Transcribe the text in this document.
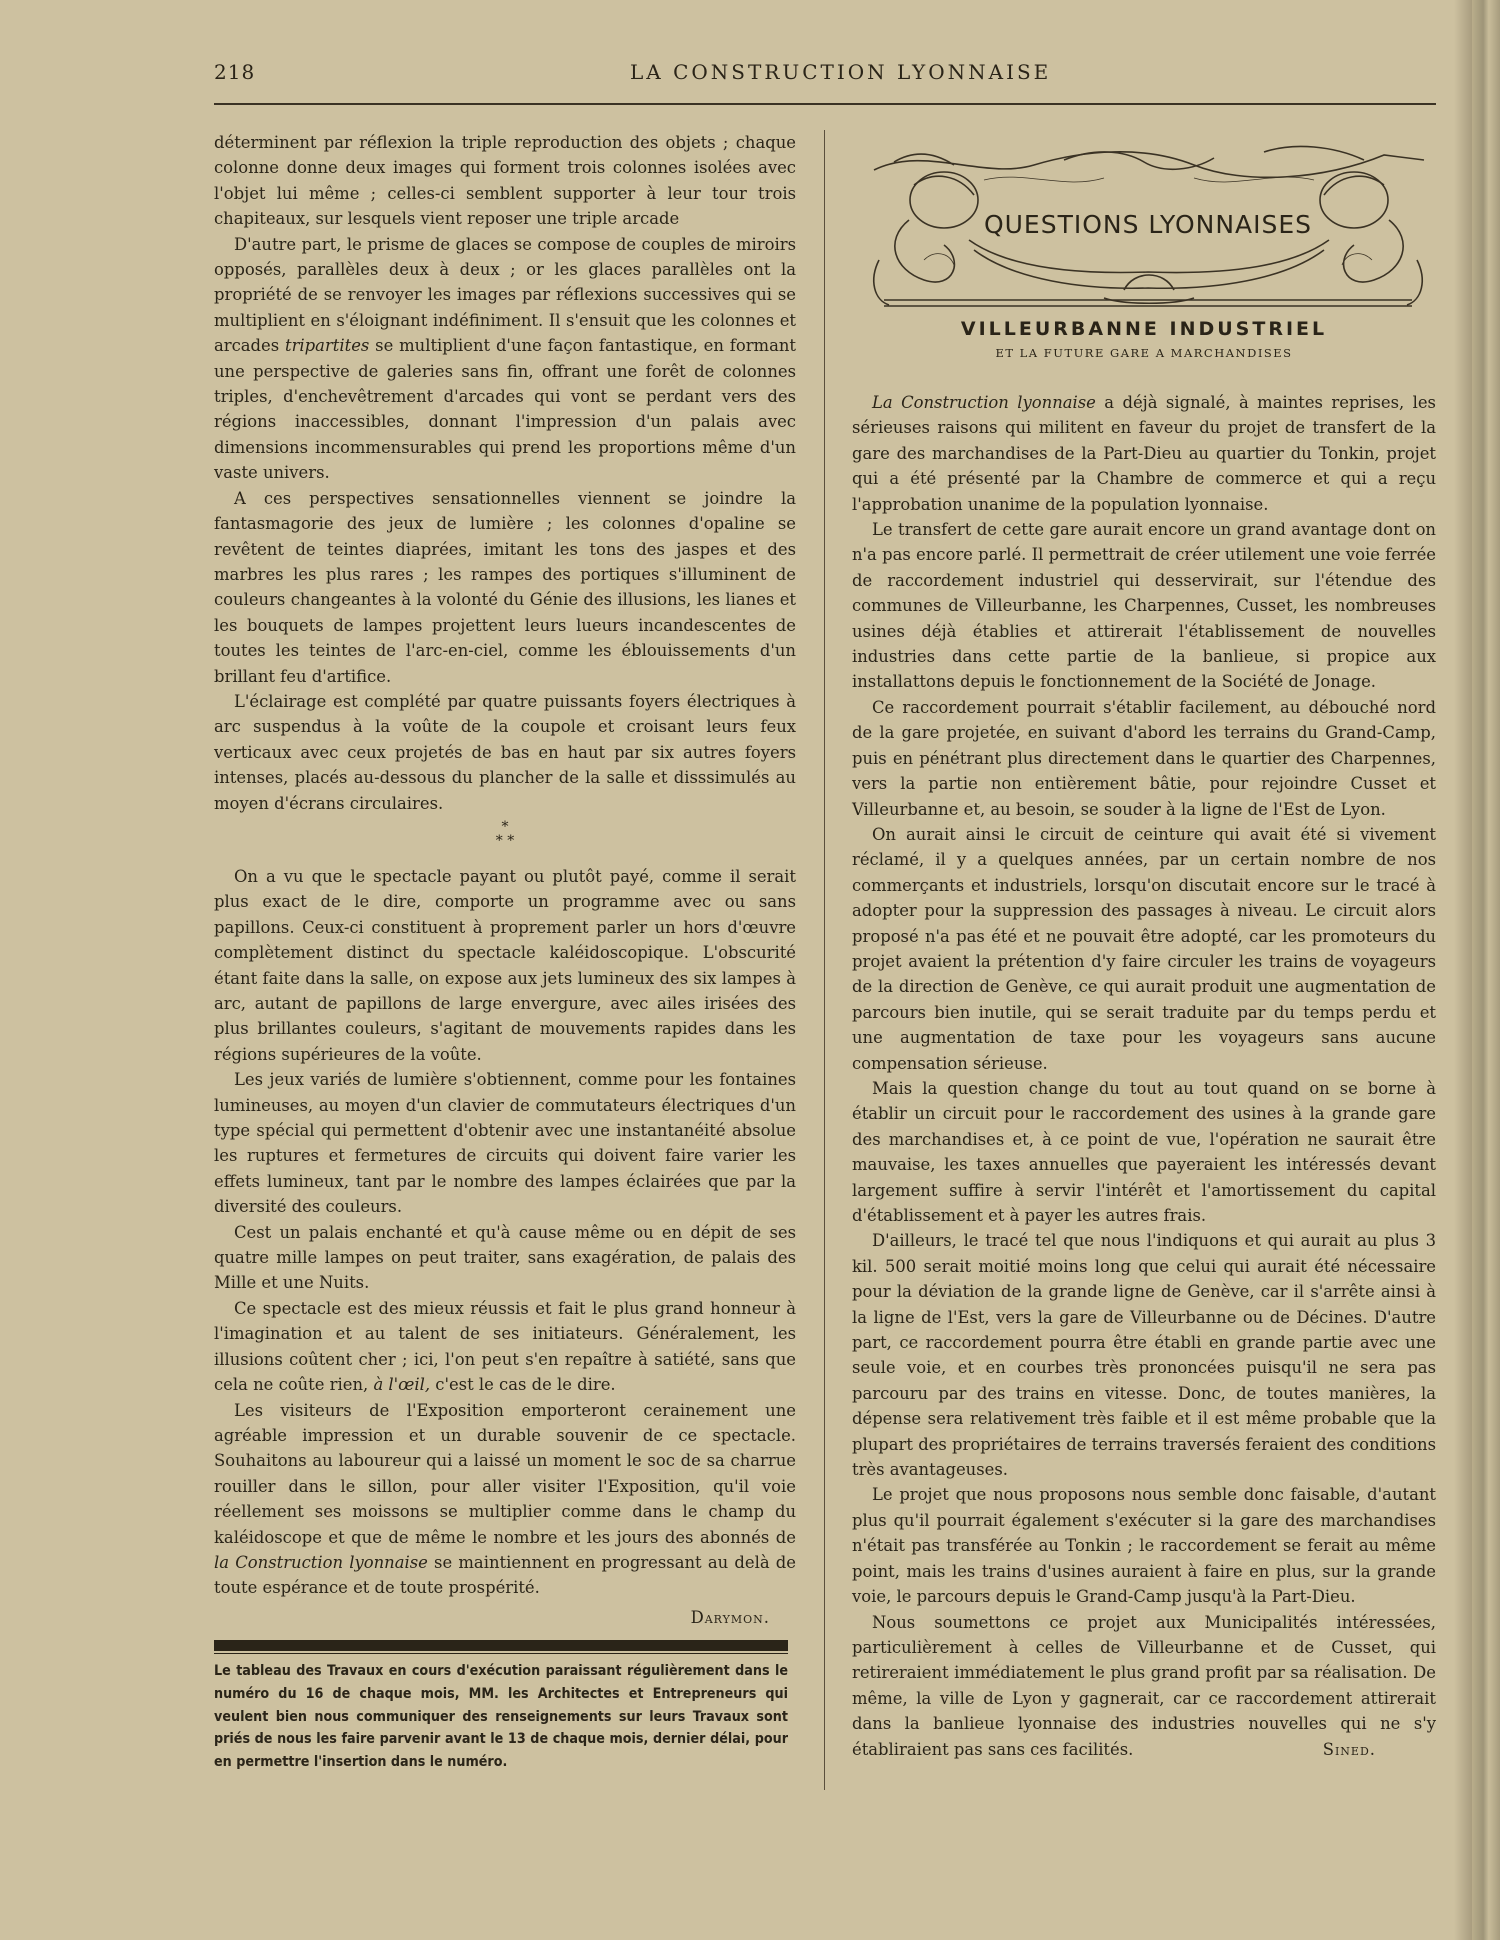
218	LA CONSTRUCTION LYONNAISE

déterminent par réflexion la triple reproduction des objets ; chaque colonne donne deux images qui forment trois colonnes isolées avec l'objet lui même ; celles-ci semblent supporter à leur tour trois chapiteaux, sur lesquels vient reposer une triple arcade

D'autre part, le prisme de glaces se compose de couples de miroirs opposés, parallèles deux à deux ; or les glaces parallèles ont la propriété de se renvoyer les images par réflexions successives qui se multiplient en s'éloignant indéfiniment. Il s'ensuit que les colonnes et arcades tripartites se multiplient d'une façon fantastique, en formant une perspective de galeries sans fin, offrant une forêt de colonnes triples, d'enchevêtrement d'arcades qui vont se perdant vers des régions inaccessibles, donnant l'impression d'un palais avec dimensions incommensurables qui prend les proportions même d'un vaste univers.

A ces perspectives sensationnelles viennent se joindre la fantasmagorie des jeux de lumière ; les colonnes d'opaline se revêtent de teintes diaprées, imitant les tons des jaspes et des marbres les plus rares ; les rampes des portiques s'illuminent de couleurs changeantes à la volonté du Génie des illusions, les lianes et les bouquets de lampes projettent leurs lueurs incandescentes de toutes les teintes de l'arc-en-ciel, comme les éblouissements d'un brillant feu d'artifice.

L'éclairage est complété par quatre puissants foyers électriques à arc suspendus à la voûte de la coupole et croisant leurs feux verticaux avec ceux projetés de bas en haut par six autres foyers intenses, placés au-dessous du plancher de la salle et disssimulés au moyen d'écrans circulaires.

*
* *

On a vu que le spectacle payant ou plutôt payé, comme il serait plus exact de le dire, comporte un programme avec ou sans papillons. Ceux-ci constituent à proprement parler un hors d'œuvre complètement distinct du spectacle kaléidoscopique. L'obscurité étant faite dans la salle, on expose aux jets lumineux des six lampes à arc, autant de papillons de large envergure, avec ailes irisées des plus brillantes couleurs, s'agitant de mouvements rapides dans les régions supérieures de la voûte.

Les jeux variés de lumière s'obtiennent, comme pour les fontaines lumineuses, au moyen d'un clavier de commutateurs électriques d'un type spécial qui permettent d'obtenir avec une instantanéité absolue les ruptures et fermetures de circuits qui doivent faire varier les effets lumineux, tant par le nombre des lampes éclairées que par la diversité des couleurs.

Cest un palais enchanté et qu'à cause même ou en dépit de ses quatre mille lampes on peut traiter, sans exagération, de palais des Mille et une Nuits.

Ce spectacle est des mieux réussis et fait le plus grand honneur à l'imagination et au talent de ses initiateurs. Généralement, les illusions coûtent cher ; ici, l'on peut s'en repaître à satiété, sans que cela ne coûte rien, à l'œil, c'est le cas de le dire.

Les visiteurs de l'Exposition emporteront cerainement une agréable impression et un durable souvenir de ce spectacle. Souhaitons au laboureur qui a laissé un moment le soc de sa charrue rouiller dans le sillon, pour aller visiter l'Exposition, qu'il voie réellement ses moissons se multiplier comme dans le champ du kaléidoscope et que de même le nombre et les jours des abonnés de la Construction lyonnaise se maintiennent en progressant au delà de toute espérance et de toute prospérité.

Darymon.
Le tableau des Travaux en cours d'exécution paraissant régulièrement dans le numéro du 16 de chaque mois, MM. les Architectes et Entrepreneurs qui veulent bien nous communiquer des renseignements sur leurs Travaux sont priés de nous les faire parvenir avant le 13 de chaque mois, dernier délai, pour en permettre l'insertion dans le numéro.
QUESTIONS LYONNAISES
VILLEURBANNE INDUSTRIEL
ET LA FUTURE GARE A MARCHANDISES

La Construction lyonnaise a déjà signalé, à maintes reprises, les sérieuses raisons qui militent en faveur du projet de transfert de la gare des marchandises de la Part-Dieu au quartier du Tonkin, projet qui a été présenté par la Chambre de commerce et qui a reçu l'approbation unanime de la population lyonnaise.

Le transfert de cette gare aurait encore un grand avantage dont on n'a pas encore parlé. Il permettrait de créer utilement une voie ferrée de raccordement industriel qui desservirait, sur l'étendue des communes de Villeurbanne, les Charpennes, Cusset, les nombreuses usines déjà établies et attirerait l'établissement de nouvelles industries dans cette partie de la banlieue, si propice aux installattons depuis le fonctionnement de la Société de Jonage.

Ce raccordement pourrait s'établir facilement, au débouché nord de la gare projetée, en suivant d'abord les terrains du Grand-Camp, puis en pénétrant plus directement dans le quartier des Charpennes, vers la partie non entièrement bâtie, pour rejoindre Cusset et Villeurbanne et, au besoin, se souder à la ligne de l'Est de Lyon.

On aurait ainsi le circuit de ceinture qui avait été si vivement réclamé, il y a quelques années, par un certain nombre de nos commerçants et industriels, lorsqu'on discutait encore sur le tracé à adopter pour la suppression des passages à niveau. Le circuit alors proposé n'a pas été et ne pouvait être adopté, car les promoteurs du projet avaient la prétention d'y faire circuler les trains de voyageurs de la direction de Genève, ce qui aurait produit une augmentation de parcours bien inutile, qui se serait traduite par du temps perdu et une augmentation de taxe pour les voyageurs sans aucune compensation sérieuse.

Mais la question change du tout au tout quand on se borne à établir un circuit pour le raccordement des usines à la grande gare des marchandises et, à ce point de vue, l'opération ne saurait être mauvaise, les taxes annuelles que payeraient les intéressés devant largement suffire à servir l'intérêt et l'amortissement du capital d'établissement et à payer les autres frais.

D'ailleurs, le tracé tel que nous l'indiquons et qui aurait au plus 3 kil. 500 serait moitié moins long que celui qui aurait été nécessaire pour la déviation de la grande ligne de Genève, car il s'arrête ainsi à la ligne de l'Est, vers la gare de Villeurbanne ou de Décines. D'autre part, ce raccordement pourra être établi en grande partie avec une seule voie, et en courbes très prononcées puisqu'il ne sera pas parcouru par des trains en vitesse. Donc, de toutes manières, la dépense sera relativement très faible et il est même probable que la plupart des propriétaires de terrains traversés feraient des conditions très avantageuses.

Le projet que nous proposons nous semble donc faisable, d'autant plus qu'il pourrait également s'exécuter si la gare des marchandises n'était pas transférée au Tonkin ; le raccordement se ferait au même point, mais les trains d'usines auraient à faire en plus, sur la grande voie, le parcours depuis le Grand-Camp jusqu'à la Part-Dieu.

Nous soumettons ce projet aux Municipalités intéressées, particulièrement à celles de Villeurbanne et de Cusset, qui retireraient immédiatement le plus grand profit par sa réalisation. De même, la ville de Lyon y gagnerait, car ce raccordement attirerait dans la banlieue lyonnaise des industries nouvelles qui ne s'y établiraient pas sans ces facilités.	Sined.
